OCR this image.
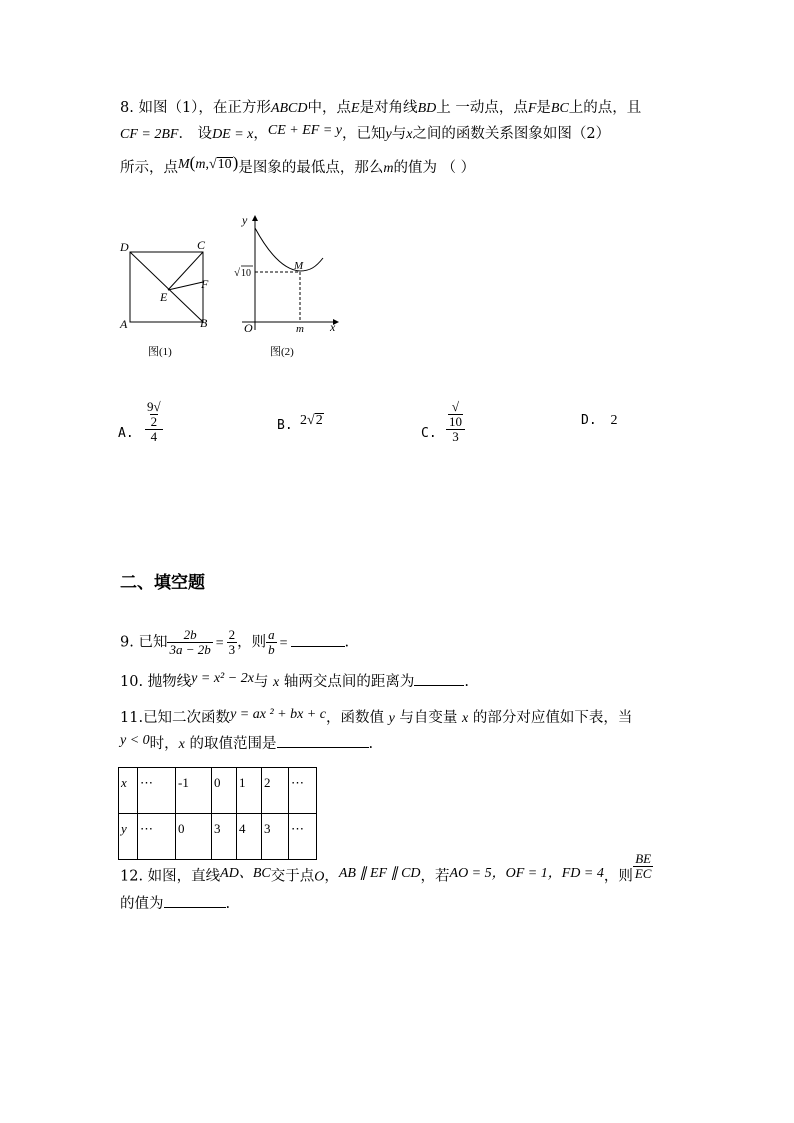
8. 如图（1），在正方形ABCD中，点E是对角线BD上 一动点，点F是BC上的点，且
CF = 2BF． 设DE = x，CE + EF = y，已知y与x之间的函数关系图象如图（2）
所示，点M(m,√10)是图象的最低点，那么m的值为 （ ）
D	C
A	B
E
F
图(1)
y
x
O	m
M
√ 10
图(2)
A. $\frac{9√2}{4}$	B. 2√2
C. $\frac{√10}{3}$	D. 2
二、填空题
9. 已知 $\frac{2b}{3a - 2b} = \frac{2}{3}$ ，则 $\frac{a}{b}$ =	.
10. 抛物线y = x² − 2x与 x 轴两交点间的距离为	.
11.已知二次函数y = ax ² + bx + c，函数值 y 与自变量 x 的部分对应值如下表，当
y < 0时，x 的取值范围是	.
x	⋯	-1	0	1	2	⋯
y	⋯	0	3	4	3	⋯
12. 如图，直线AD、BC交于点O，AB ∥ EF ∥ CD，若AO = 5，OF = 1，FD = 4，则 $\frac{BE}{EC}$
的值为	.
